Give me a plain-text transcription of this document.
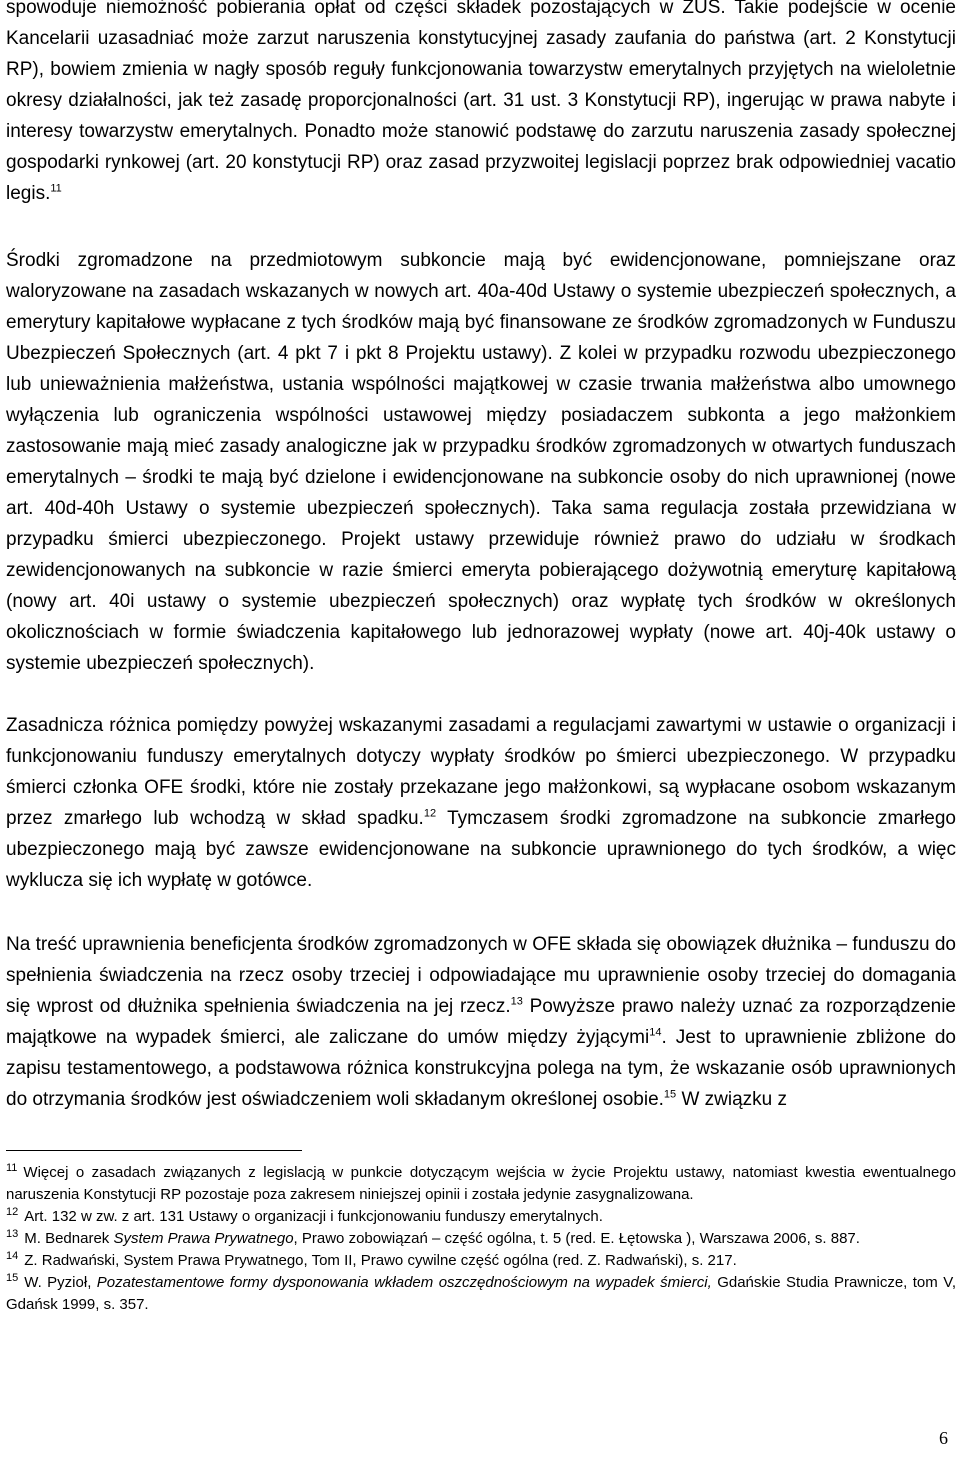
spowoduje niemożność pobierania opłat od części składek pozostających w ZUS. Takie podejście w ocenie Kancelarii uzasadniać może zarzut naruszenia konstytucyjnej zasady zaufania do państwa (art. 2 Konstytucji RP), bowiem zmienia w nagły sposób reguły funkcjonowania towarzystw emerytalnych przyjętych na wieloletnie okresy działalności, jak też zasadę proporcjonalności (art. 31 ust. 3 Konstytucji RP), ingerując w prawa nabyte i interesy towarzystw emerytalnych. Ponadto może stanowić podstawę do zarzutu naruszenia zasady społecznej gospodarki rynkowej (art. 20 konstytucji RP) oraz zasad przyzwoitej legislacji poprzez brak odpowiedniej vacatio legis.$^{11}$

Środki zgromadzone na przedmiotowym subkoncie mają być ewidencjonowane, pomniejszane oraz waloryzowane na zasadach wskazanych w nowych art. 40a-40d Ustawy o systemie ubezpieczeń społecznych, a emerytury kapitałowe wypłacane z tych środków mają być finansowane ze środków zgromadzonych w Funduszu Ubezpieczeń Społecznych (art. 4 pkt 7 i pkt 8 Projektu ustawy). Z kolei w przypadku rozwodu ubezpieczonego lub unieważnienia małżeństwa, ustania wspólności majątkowej w czasie trwania małżeństwa albo umownego wyłączenia lub ograniczenia wspólności ustawowej między posiadaczem subkonta a jego małżonkiem zastosowanie mają mieć zasady analogiczne jak w przypadku środków zgromadzonych w otwartych funduszach emerytalnych – środki te mają być dzielone i ewidencjonowane na subkoncie osoby do nich uprawnionej (nowe art. 40d-40h Ustawy o systemie ubezpieczeń społecznych). Taka sama regulacja została przewidziana w przypadku śmierci ubezpieczonego. Projekt ustawy przewiduje również prawo do udziału w środkach zewidencjonowanych na subkoncie w razie śmierci emeryta pobierającego dożywotnią emeryturę kapitałową (nowy art. 40i ustawy o systemie ubezpieczeń społecznych) oraz wypłatę tych środków w określonych okolicznościach w formie świadczenia kapitałowego lub jednorazowej wypłaty (nowe art. 40j-40k ustawy o systemie ubezpieczeń społecznych).

Zasadnicza różnica pomiędzy powyżej wskazanymi zasadami a regulacjami zawartymi w ustawie o organizacji i funkcjonowaniu funduszy emerytalnych dotyczy wypłaty środków po śmierci ubezpieczonego. W przypadku śmierci członka OFE środki, które nie zostały przekazane jego małżonkowi, są wypłacane osobom wskazanym przez zmarłego lub wchodzą w skład spadku.$^{12}$ Tymczasem środki zgromadzone na subkoncie zmarłego ubezpieczonego mają być zawsze ewidencjonowane na subkoncie uprawnionego do tych środków, a więc wyklucza się ich wypłatę w gotówce.

Na treść uprawnienia beneficjenta środków zgromadzonych w OFE składa się obowiązek dłużnika – funduszu do spełnienia świadczenia na rzecz osoby trzeciej i odpowiadające mu uprawnienie osoby trzeciej do domagania się wprost od dłużnika spełnienia świadczenia na jej rzecz.$^{13}$ Powyższe prawo należy uznać za rozporządzenie majątkowe na wypadek śmierci, ale zaliczane do umów między żyjącymi$^{14}$. Jest to uprawnienie zbliżone do zapisu testamentowego, a podstawowa różnica konstrukcyjna polega na tym, że wskazanie osób uprawnionych do otrzymania środków jest oświadczeniem woli składanym określonej osobie.$^{15}$ W związku z

$^{11}$ Więcej o zasadach związanych z legislacją w punkcie dotyczącym wejścia w życie Projektu ustawy, natomiast kwestia ewentualnego naruszenia Konstytucji RP pozostaje poza zakresem niniejszej opinii i została jedynie zasygnalizowana.

$^{12}$ Art. 132 w zw. z art. 131 Ustawy o organizacji i funkcjonowaniu funduszy emerytalnych.

$^{13}$ M. Bednarek System Prawa Prywatnego, Prawo zobowiązań – część ogólna, t. 5 (red. E. Łętowska ), Warszawa 2006, s. 887.

$^{14}$ Z. Radwański, System Prawa Prywatnego, Tom II, Prawo cywilne część ogólna (red. Z. Radwański), s. 217.

$^{15}$ W. Pyzioł, Pozatestamentowe formy dysponowania wkładem oszczędnościowym na wypadek śmierci, Gdańskie Studia Prawnicze, tom V, Gdańsk 1999, s. 357.

6
